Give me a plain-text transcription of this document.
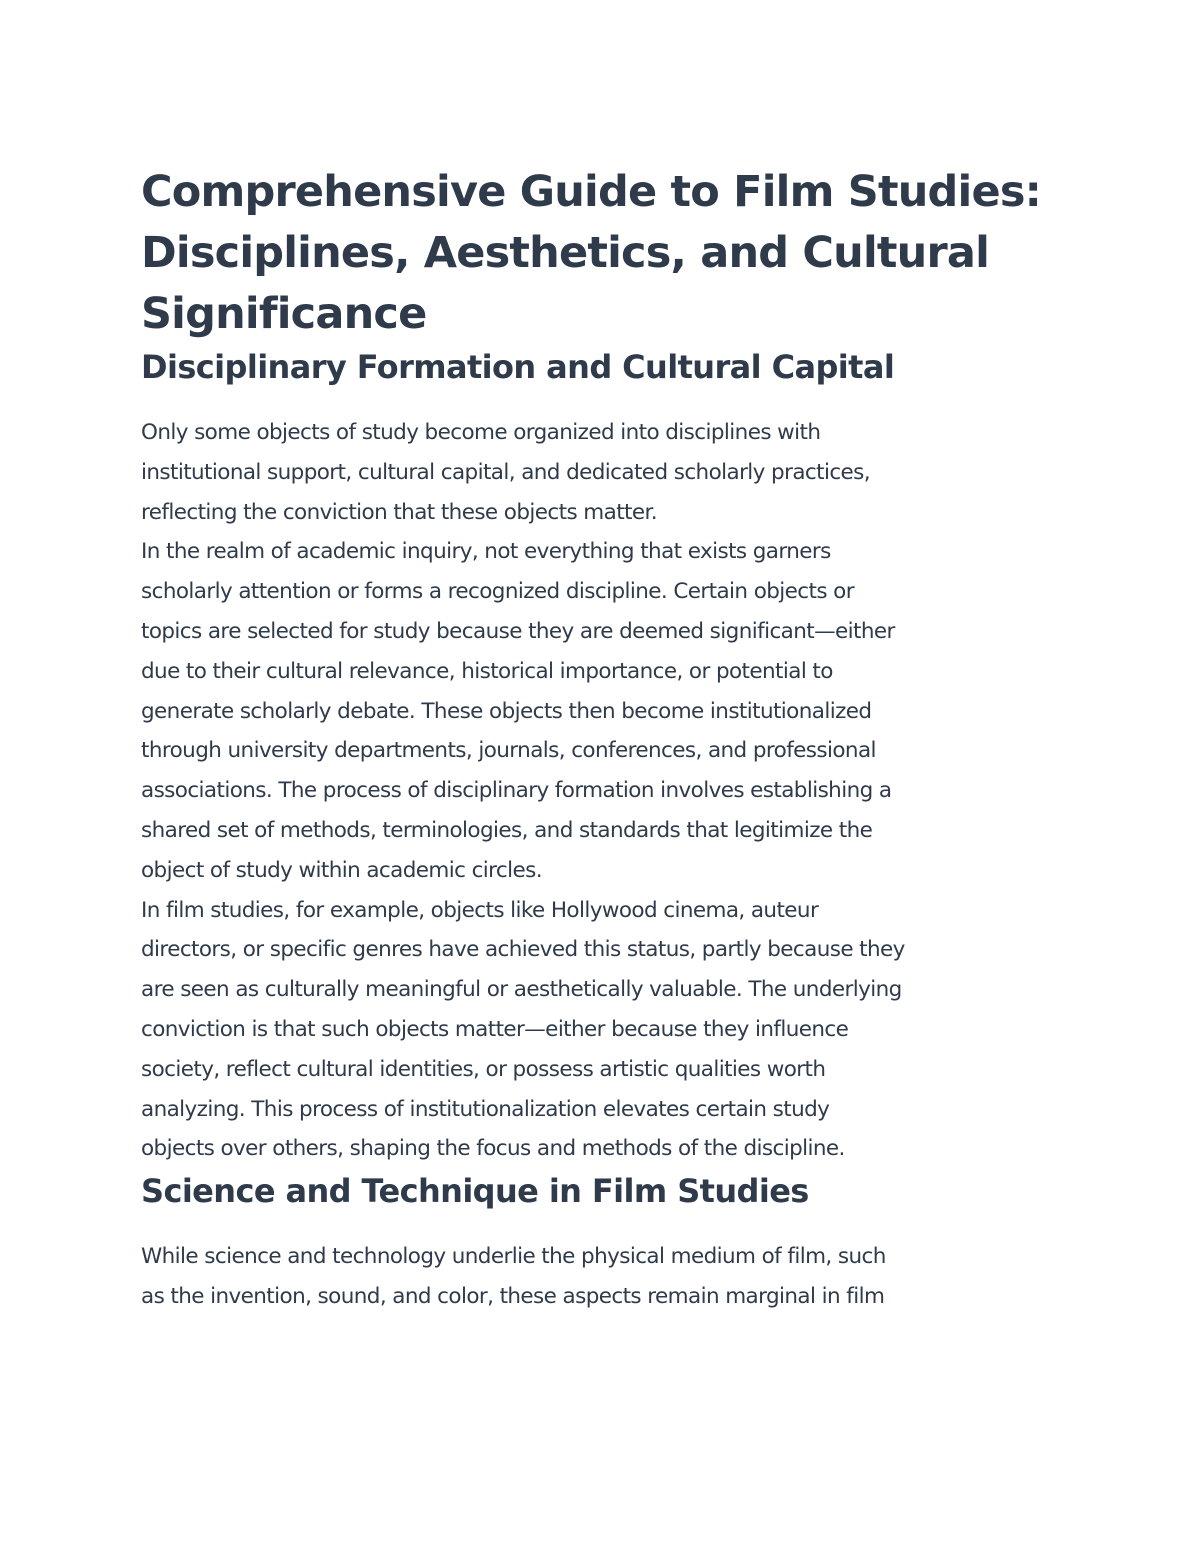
Comprehensive Guide to Film Studies: Disciplines, Aesthetics, and Cultural Significance
Disciplinary Formation and Cultural Capital

Only some objects of study become organized into disciplines with
institutional support, cultural capital, and dedicated scholarly practices,
reflecting the conviction that these objects matter.

In the realm of academic inquiry, not everything that exists garners
scholarly attention or forms a recognized discipline. Certain objects or
topics are selected for study because they are deemed significant—either
due to their cultural relevance, historical importance, or potential to
generate scholarly debate. These objects then become institutionalized
through university departments, journals, conferences, and professional
associations. The process of disciplinary formation involves establishing a
shared set of methods, terminologies, and standards that legitimize the
object of study within academic circles.

In film studies, for example, objects like Hollywood cinema, auteur
directors, or specific genres have achieved this status, partly because they
are seen as culturally meaningful or aesthetically valuable. The underlying
conviction is that such objects matter—either because they influence
society, reflect cultural identities, or possess artistic qualities worth
analyzing. This process of institutionalization elevates certain study
objects over others, shaping the focus and methods of the discipline.

Science and Technique in Film Studies

While science and technology underlie the physical medium of film, such
as the invention, sound, and color, these aspects remain marginal in film
